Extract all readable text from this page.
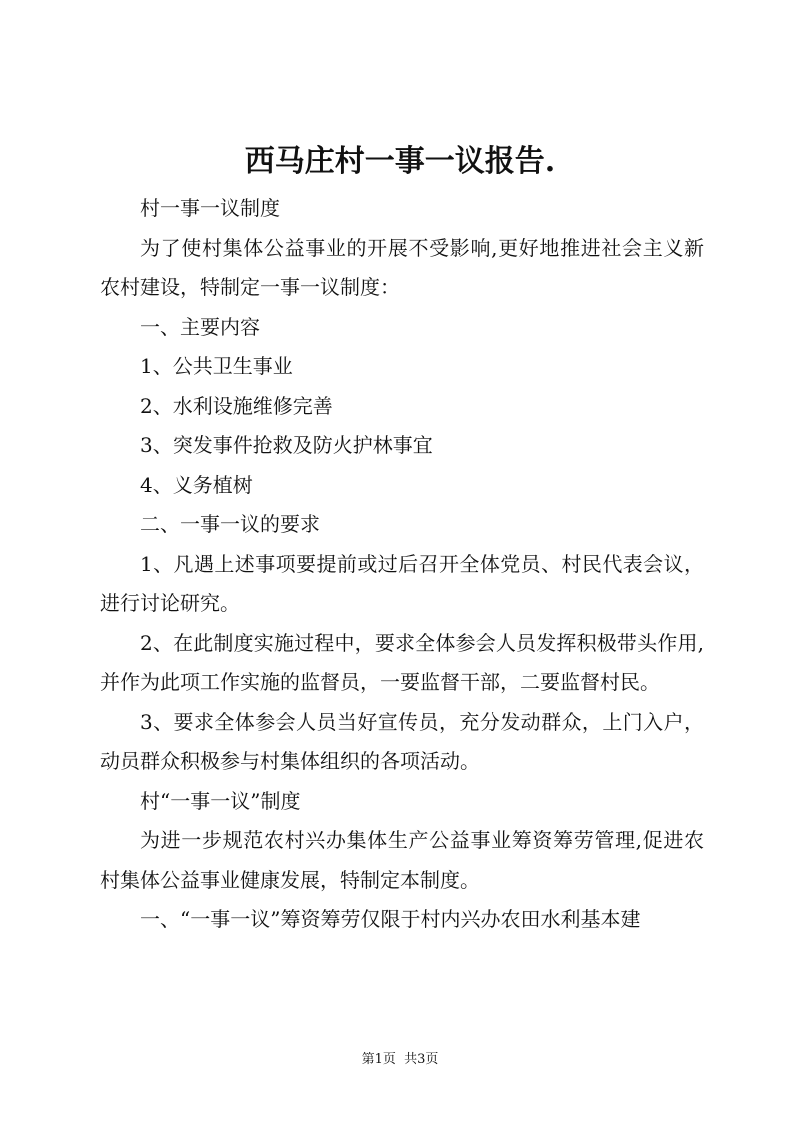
西马庄村一事一议报告.

村一事一议制度

为了使村集体公益事业的开展不受影响,更好地推进社会主义新农村建设，特制定一事一议制度：

一、主要内容

1、公共卫生事业

2、水利设施维修完善

3、突发事件抢救及防火护林事宜

4、义务植树

二、一事一议的要求

1、凡遇上述事项要提前或过后召开全体党员、村民代表会议，进行讨论研究。

2、在此制度实施过程中，要求全体参会人员发挥积极带头作用,并作为此项工作实施的监督员，一要监督干部，二要监督村民。

3、要求全体参会人员当好宣传员，充分发动群众，上门入户，动员群众积极参与村集体组织的各项活动。

村“一事一议”制度

为进一步规范农村兴办集体生产公益事业筹资筹劳管理,促进农村集体公益事业健康发展，特制定本制度。

一、“一事一议”筹资筹劳仅限于村内兴办农田水利基本建

第1页  共3页
